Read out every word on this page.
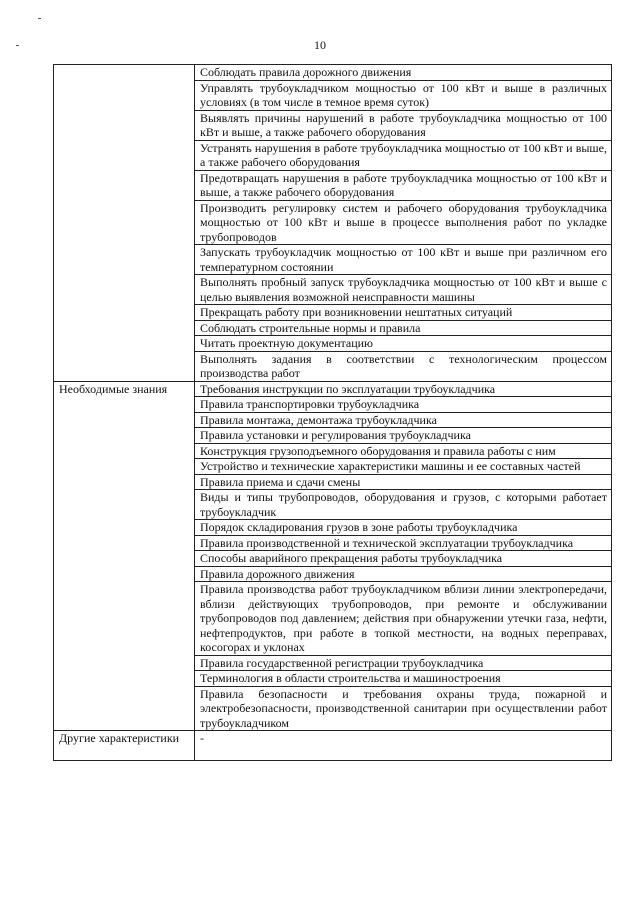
10
	Соблюдать правила дорожного движения
	Управлять трубоукладчиком мощностью от 100 кВт и выше в различных условиях (в том числе в темное время суток)
	Выявлять причины нарушений в работе трубоукладчика мощностью от 100 кВт и выше, а также рабочего оборудования
	Устранять нарушения в работе трубоукладчика мощностью от 100 кВт и выше, а также рабочего оборудования
	Предотвращать нарушения в работе трубоукладчика мощностью от 100 кВт и выше, а также рабочего оборудования
	Производить регулировку систем и рабочего оборудования трубоукладчика мощностью от 100 кВт и выше в процессе выполнения работ по укладке трубопроводов
	Запускать трубоукладчик мощностью от 100 кВт и выше при различном его температурном состоянии
	Выполнять пробный запуск трубоукладчика мощностью от 100 кВт и выше с целью выявления возможной неисправности машины
	Прекращать работу при возникновении нештатных ситуаций
	Соблюдать строительные нормы и правила
	Читать проектную документацию
	Выполнять задания в соответствии с технологическим процессом производства работ
Необходимые знания	Требования инструкции по эксплуатации трубоукладчика
	Правила транспортировки трубоукладчика
	Правила монтажа, демонтажа трубоукладчика
	Правила установки и регулирования трубоукладчика
	Конструкция грузоподъемного оборудования и правила работы с ним
	Устройство и технические характеристики машины и ее составных частей
	Правила приема и сдачи смены
	Виды и типы трубопроводов, оборудования и грузов, с которыми работает трубоукладчик
	Порядок складирования грузов в зоне работы трубоукладчика
	Правила производственной и технической эксплуатации трубоукладчика
	Способы аварийного прекращения работы трубоукладчика
	Правила дорожного движения
	Правила производства работ трубоукладчиком вблизи линии электропередачи, вблизи действующих трубопроводов, при ремонте и обслуживании трубопроводов под давлением; действия при обнаружении утечки газа, нефти, нефтепродуктов, при работе в топкой местности, на водных переправах, косогорах и уклонах
	Правила государственной регистрации трубоукладчика
	Терминология в области строительства и машиностроения
	Правила безопасности и требования охраны труда, пожарной и электробезопасности, производственной санитарии при осуществлении работ трубоукладчиком
Другие характеристики	-
